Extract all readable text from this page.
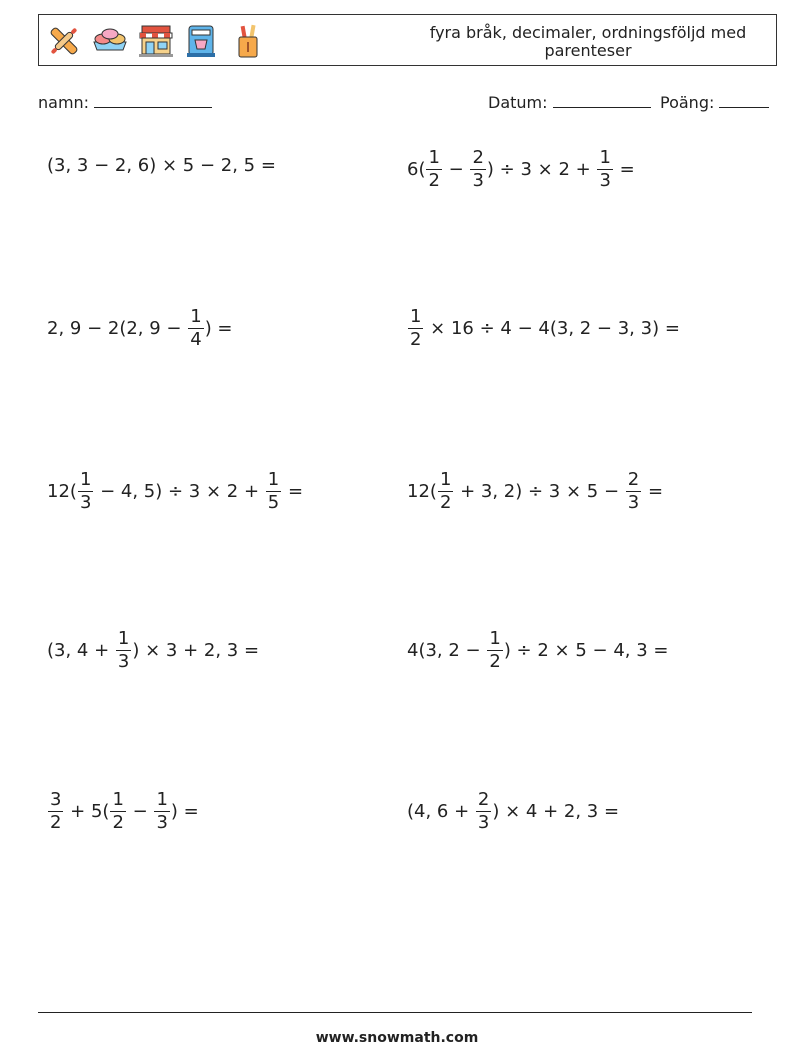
fyra bråk, decimaler, ordningsföljd med parenteser
namn:	Datum:	Poäng:
(3, 3 − 2, 6) × 5 − 2, 5 =	$6( \frac{1}{2} - \frac{2}{3}$ ) ÷ $3 \times 2 + \frac{1}{3}$ =
2, 9 − 2(2, $9 - \frac{1}{4}$ ) =	$\frac{1}{2} \times 16 \div 4 - 4(3$, 2 − 3, 3) =
$12( \frac{1}{3} - 4$, $5) \div 3 \times 2 + \frac{1}{5}$ =	$12( \frac{1}{2} + 3$, $2) \div 3 \times 5 - \frac{2}{3}$ =
(3, $4 + \frac{1}{3}$ ) × 3 + 2, 3 =	4(3, $2 - \frac{1}{2}$ ) ÷ 2 × 5 − 4, 3 =
$\frac{3}{2} + 5( \frac{1}{2} - \frac{1}{3}$ ) =	(4, $6 + \frac{2}{3}$ ) × 4 + 2, 3 =
www.snowmath.com
